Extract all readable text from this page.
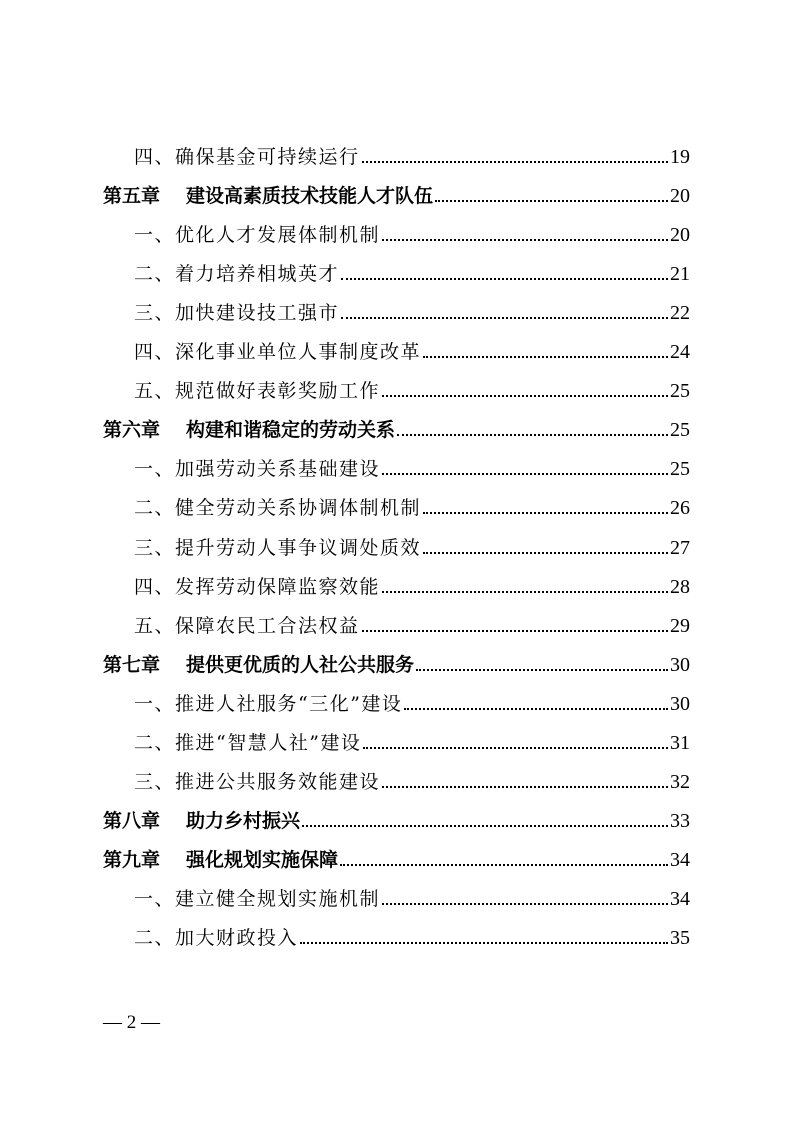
四、确保基金可持续运行	19
第五章 建设高素质技术技能人才队伍	20
一、优化人才发展体制机制	20
二、着力培养相城英才	21
三、加快建设技工强市	22
四、深化事业单位人事制度改革	24
五、规范做好表彰奖励工作	25
第六章 构建和谐稳定的劳动关系	25
一、加强劳动关系基础建设	25
二、健全劳动关系协调体制机制	26
三、提升劳动人事争议调处质效	27
四、发挥劳动保障监察效能	28
五、保障农民工合法权益	29
第七章 提供更优质的人社公共服务	30
一、推进人社服务“三化”建设	30
二、推进“智慧人社”建设	31
三、推进公共服务效能建设	32
第八章 助力乡村振兴	33
第九章 强化规划实施保障	34
一、建立健全规划实施机制	34
二、加大财政投入	35
— 2 —
